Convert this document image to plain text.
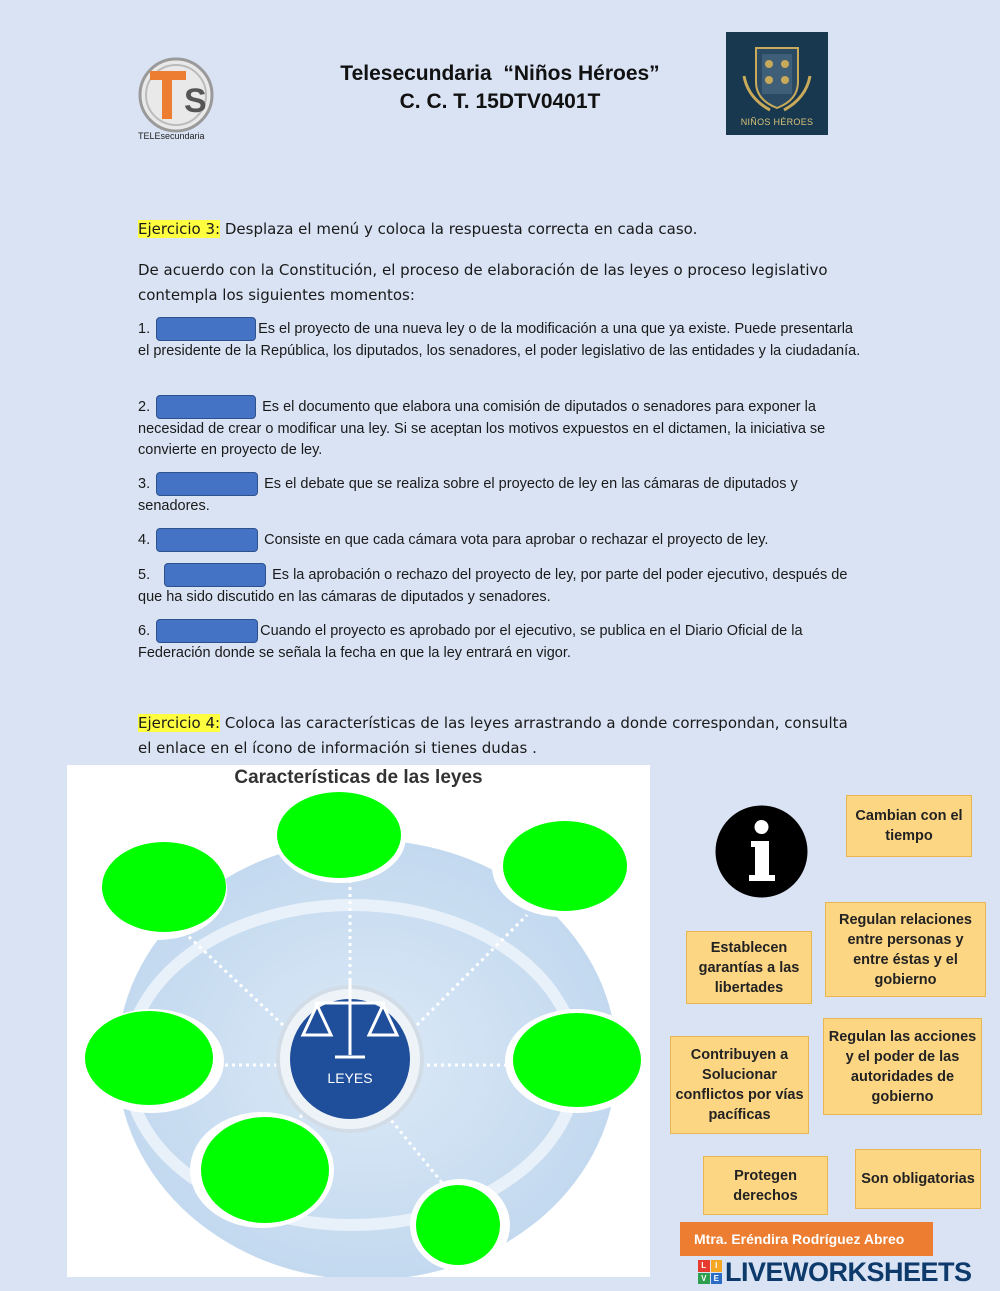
S
TELEsecundaria
Telesecundaria  “Niños Héroes”
C. C. T. 15DTV0401T
NIÑOS HÉROES
Ejercicio 3: Desplaza el menú y coloca la respuesta correcta en cada caso.
De acuerdo con la Constitución, el proceso de elaboración de las leyes o proceso legislativo contempla los siguientes momentos:
1.	Es el proyecto de una nueva ley o de la modificación a una que ya existe. Puede presentarla el presidente de la República, los diputados, los senadores, el poder legislativo de las entidades y la ciudadanía.
2.	Es el documento que elabora una comisión de diputados o senadores para exponer la necesidad de crear o modificar una ley. Si se aceptan los motivos expuestos en el dictamen, la iniciativa se convierte en proyecto de ley.
3.	Es el debate que se realiza sobre el proyecto de ley en las cámaras de diputados y senadores.
4.	Consiste en que cada cámara vota para aprobar o rechazar el proyecto de ley.
5.	Es la aprobación o rechazo del proyecto de ley, por parte del poder ejecutivo, después de que ha sido discutido en las cámaras de diputados y senadores.
6.	Cuando el proyecto es aprobado por el ejecutivo, se publica en el Diario Oficial de la Federación donde se señala la fecha en que la ley entrará en vigor.
Ejercicio 4: Coloca las características de las leyes arrastrando a donde correspondan, consulta el enlace en el ícono de información si tienes dudas .
Características de las leyes
LEYES
Cambian con el tiempo
Regulan relaciones entre personas y entre éstas y el gobierno
Establecen garantías a las libertades
Contribuyen a Solucionar conflictos por vías pacíficas
Regulan las acciones y el poder de las autoridades de gobierno
Protegen derechos
Son obligatorias
Mtra. Eréndira Rodríguez Abreo
L	I
V E LIVEWORKSHEETS
